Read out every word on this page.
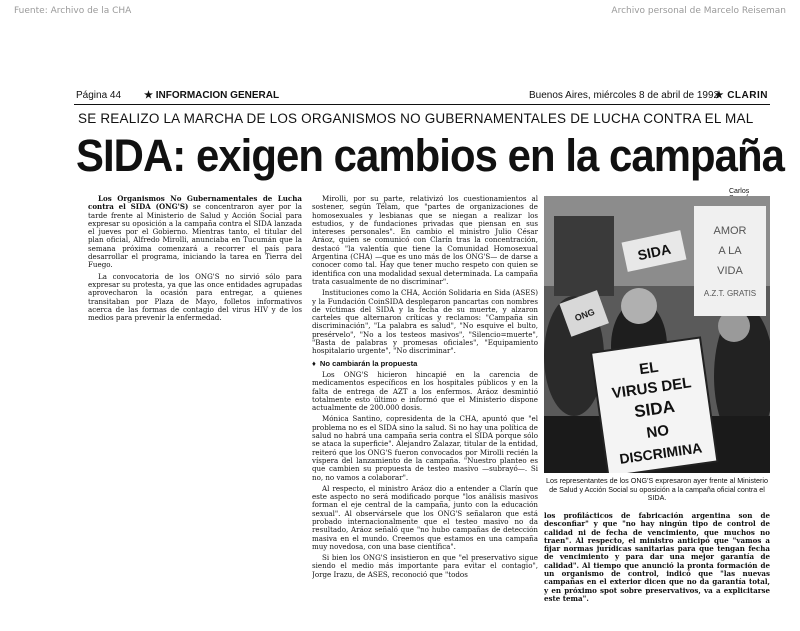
Fuente: Archivo de la CHA	Archivo personal de Marcelo Reiseman
Página 44 ★ INFORMACION GENERAL	Buenos Aires, miércoles 8 de abril de 1992
★ CLARIN
SE REALIZO LA MARCHA DE LOS ORGANISMOS NO GUBERNAMENTALES DE LUCHA CONTRA EL MAL
SIDA: exigen cambios en la campaña
Carlos

Los Organismos No Gubernamentales de Lucha contra el SIDA (ONG'S) se concentraron ayer por la tarde frente al Ministerio de Salud y Acción Social para expresar su oposición a la campaña contra el SIDA lanzada el jueves por el Gobierno. Mientras tanto, el titular del plan oficial, Alfredo Mirolli, anunciaba en Tucumán que la semana próxima comenzará a recorrer el país para desarrollar el programa, iniciando la tarea en Tierra del Fuego.

La convocatoria de los ONG'S no sirvió sólo para expresar su protesta, ya que las once entidades agrupadas aprovecharon la ocasión para entregar, a quienes transitaban por Plaza de Mayo, folletos informativos acerca de las formas de contagio del virus HIV y de los medios para prevenir la enfermedad.

Mirolli, por su parte, relativizó los cuestionamientos al sostener, según Télam, que "partes de organizaciones de homosexuales y lesbianas que se niegan a realizar los estudios, y de fundaciones privadas que piensan en sus intereses personales". En cambio el ministro Julio César Aráoz, quien se comunicó con Clarín tras la concentración, destacó "la valentía que tiene la Comunidad Homosexual Argentina (CHA) —que es uno más de los ONG'S— de darse a conocer como tal. Hay que tener mucho respeto con quien se identifica con una modalidad sexual determinada. La campaña trata casualmente de no discriminar".

Instituciones como la CHA, Acción Solidaria en Sida (ASES) y la Fundación CoinSIDA desplegaron pancartas con nombres de víctimas del SIDA y la fecha de su muerte, y alzaron carteles que alternaron críticas y reclamos: "Campaña sin discriminación", "La palabra es salud", "No esquive el bulto, presérvelo", "No a los testeos masivos", "Silencio=muerte", "Basta de palabras y promesas oficiales", "Equipamiento hospitalario urgente", "No discriminar".

♦ No cambiarán la propuesta

Los ONG'S hicieron hincapié en la carencia de medicamentos específicos en los hospitales públicos y en la falta de entrega de AZT a los enfermos. Aráoz desmintió totalmente esto último e informó que el Ministerio dispone actualmente de 200.000 dosis.

Mónica Santino, copresidenta de la CHA, apuntó que "el problema no es el SIDA sino la salud. Si no hay una política de salud no habrá una campaña seria contra el SIDA porque sólo se ataca la superficie". Alejandro Zalazar, titular de la entidad, reiteró que los ONG'S fueron convocados por Mirolli recién la víspera del lanzamiento de la campaña. "Nuestro planteo es que cambien su propuesta de testeo masivo —subrayó—. Si no, no vamos a colaborar".

Al respecto, el ministro Aráoz dio a entender a Clarín que este aspecto no será modificado porque "los análisis masivos forman el eje central de la campaña, junto con la educación sexual". Al observársele que los ONG'S señalaron que está probado internacionalmente que el testeo masivo no da resultado, Aráoz señaló que "no hubo campañas de detección masiva en el mundo. Creemos que estamos en una campaña muy novedosa, con una base científica".

Si bien los ONG'S insistieron en que "el preservativo sigue siendo el medio más importante para evitar el contagio", Jorge Irazu, de ASES, reconoció que "todos

SIDA
ONG
AMOR
A LA
VIDA
A.Z.T. GRATIS
EL
VIRUS DEL
SIDA
NO
DISCRIMINA
Los representantes de los ONG'S expresaron ayer frente al Ministerio de Salud y Acción Social su oposición a la campaña oficial contra el SIDA.

los profilácticos de fabricación argentina son de desconfiar" y que "no hay ningún tipo de control de calidad ni de fecha de vencimiento, que muchos no traen". Al respecto, el ministro anticipó que "vamos a fijar normas jurídicas sanitarias para que tengan fecha de vencimiento y para dar una mejor garantía de calidad". Al tiempo que anunció la pronta formación de un organismo de control, indicó que "las nuevas campañas en el exterior dicen que no da garantía total, y en próximo spot sobre preservativos, va a explicitarse este tema".
